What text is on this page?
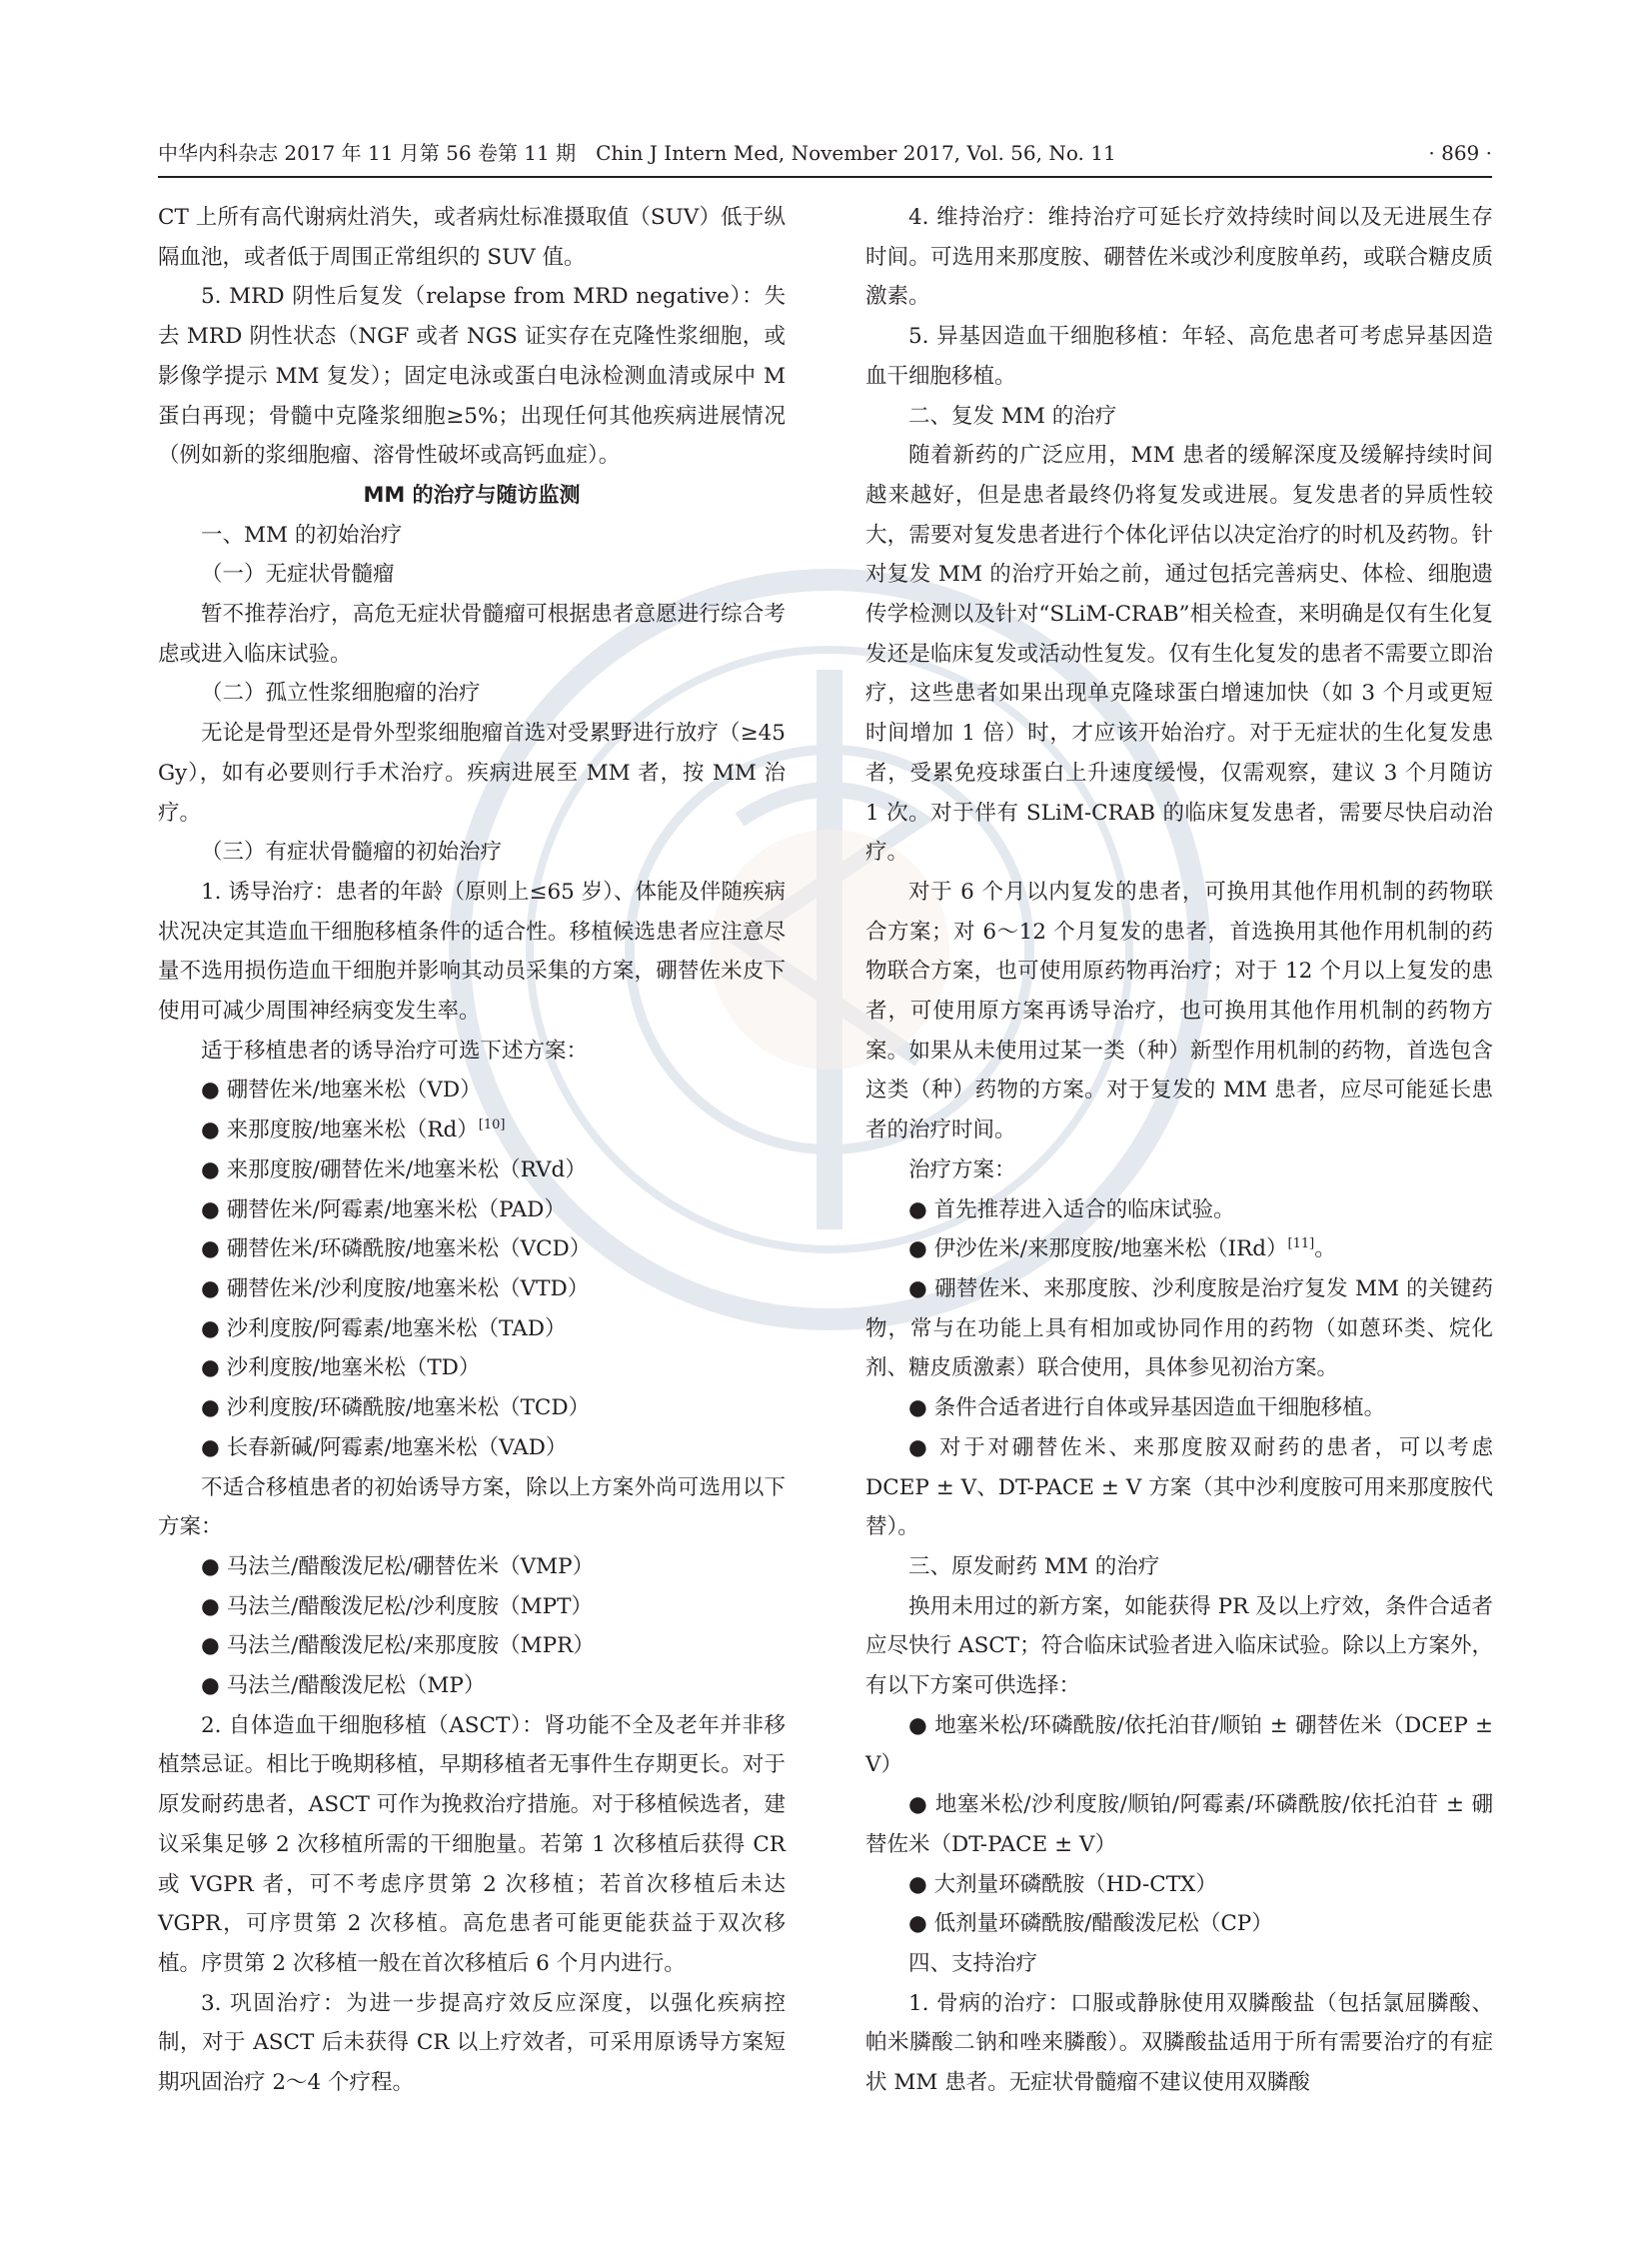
中华内科杂志 2017 年 11 月第 56 卷第 11 期　Chin J Intern Med, November 2017, Vol. 56, No. 11	· 869 ·

CT 上所有高代谢病灶消失，或者病灶标准摄取值（SUV）低于纵隔血池，或者低于周围正常组织的 SUV 值。

5. MRD 阴性后复发（relapse from MRD negative）：失去 MRD 阴性状态（NGF 或者 NGS 证实存在克隆性浆细胞，或影像学提示 MM 复发）；固定电泳或蛋白电泳检测血清或尿中 M 蛋白再现；骨髓中克隆浆细胞≥5%；出现任何其他疾病进展情况（例如新的浆细胞瘤、溶骨性破坏或高钙血症）。

MM 的治疗与随访监测

一、MM 的初始治疗

（一）无症状骨髓瘤

暂不推荐治疗，高危无症状骨髓瘤可根据患者意愿进行综合考虑或进入临床试验。

（二）孤立性浆细胞瘤的治疗

无论是骨型还是骨外型浆细胞瘤首选对受累野进行放疗（≥45 Gy），如有必要则行手术治疗。疾病进展至 MM 者，按 MM 治疗。

（三）有症状骨髓瘤的初始治疗

1. 诱导治疗：患者的年龄（原则上≤65 岁）、体能及伴随疾病状况决定其造血干细胞移植条件的适合性。移植候选患者应注意尽量不选用损伤造血干细胞并影响其动员采集的方案，硼替佐米皮下使用可减少周围神经病变发生率。

适于移植患者的诱导治疗可选下述方案：

● 硼替佐米/地塞米松（VD）

● 来那度胺/地塞米松（Rd）[10]

● 来那度胺/硼替佐米/地塞米松（RVd）

● 硼替佐米/阿霉素/地塞米松（PAD）

● 硼替佐米/环磷酰胺/地塞米松（VCD）

● 硼替佐米/沙利度胺/地塞米松（VTD）

● 沙利度胺/阿霉素/地塞米松（TAD）

● 沙利度胺/地塞米松（TD）

● 沙利度胺/环磷酰胺/地塞米松（TCD）

● 长春新碱/阿霉素/地塞米松（VAD）

不适合移植患者的初始诱导方案，除以上方案外尚可选用以下方案：

● 马法兰/醋酸泼尼松/硼替佐米（VMP）

● 马法兰/醋酸泼尼松/沙利度胺（MPT）

● 马法兰/醋酸泼尼松/来那度胺（MPR）

● 马法兰/醋酸泼尼松（MP）

2. 自体造血干细胞移植（ASCT）：肾功能不全及老年并非移植禁忌证。相比于晚期移植，早期移植者无事件生存期更长。对于原发耐药患者，ASCT 可作为挽救治疗措施。对于移植候选者，建议采集足够 2 次移植所需的干细胞量。若第 1 次移植后获得 CR 或 VGPR 者，可不考虑序贯第 2 次移植；若首次移植后未达 VGPR，可序贯第 2 次移植。高危患者可能更能获益于双次移植。序贯第 2 次移植一般在首次移植后 6 个月内进行。

3. 巩固治疗：为进一步提高疗效反应深度，以强化疾病控制，对于 ASCT 后未获得 CR 以上疗效者，可采用原诱导方案短期巩固治疗 2～4 个疗程。

4. 维持治疗：维持治疗可延长疗效持续时间以及无进展生存时间。可选用来那度胺、硼替佐米或沙利度胺单药，或联合糖皮质激素。

5. 异基因造血干细胞移植：年轻、高危患者可考虑异基因造血干细胞移植。

二、复发 MM 的治疗

随着新药的广泛应用，MM 患者的缓解深度及缓解持续时间越来越好，但是患者最终仍将复发或进展。复发患者的异质性较大，需要对复发患者进行个体化评估以决定治疗的时机及药物。针对复发 MM 的治疗开始之前，通过包括完善病史、体检、细胞遗传学检测以及针对“SLiM-CRAB”相关检查，来明确是仅有生化复发还是临床复发或活动性复发。仅有生化复发的患者不需要立即治疗，这些患者如果出现单克隆球蛋白增速加快（如 3 个月或更短时间增加 1 倍）时，才应该开始治疗。对于无症状的生化复发患者，受累免疫球蛋白上升速度缓慢，仅需观察，建议 3 个月随访 1 次。对于伴有 SLiM-CRAB 的临床复发患者，需要尽快启动治疗。

对于 6 个月以内复发的患者，可换用其他作用机制的药物联合方案；对 6～12 个月复发的患者，首选换用其他作用机制的药物联合方案，也可使用原药物再治疗；对于 12 个月以上复发的患者，可使用原方案再诱导治疗，也可换用其他作用机制的药物方案。如果从未使用过某一类（种）新型作用机制的药物，首选包含这类（种）药物的方案。对于复发的 MM 患者，应尽可能延长患者的治疗时间。

治疗方案：

● 首先推荐进入适合的临床试验。

● 伊沙佐米/来那度胺/地塞米松（IRd）[11]。

● 硼替佐米、来那度胺、沙利度胺是治疗复发 MM 的关键药物，常与在功能上具有相加或协同作用的药物（如蒽环类、烷化剂、糖皮质激素）联合使用，具体参见初治方案。

● 条件合适者进行自体或异基因造血干细胞移植。

● 对于对硼替佐米、来那度胺双耐药的患者，可以考虑 DCEP ± V、DT-PACE ± V 方案（其中沙利度胺可用来那度胺代替）。

三、原发耐药 MM 的治疗

换用未用过的新方案，如能获得 PR 及以上疗效，条件合适者应尽快行 ASCT；符合临床试验者进入临床试验。除以上方案外，有以下方案可供选择：

● 地塞米松/环磷酰胺/依托泊苷/顺铂 ± 硼替佐米（DCEP ± V）

● 地塞米松/沙利度胺/顺铂/阿霉素/环磷酰胺/依托泊苷 ± 硼替佐米（DT-PACE ± V）

● 大剂量环磷酰胺（HD-CTX）

● 低剂量环磷酰胺/醋酸泼尼松（CP）

四、支持治疗

1. 骨病的治疗：口服或静脉使用双膦酸盐（包括氯屈膦酸、帕米膦酸二钠和唑来膦酸）。双膦酸盐适用于所有需要治疗的有症状 MM 患者。无症状骨髓瘤不建议使用双膦酸
